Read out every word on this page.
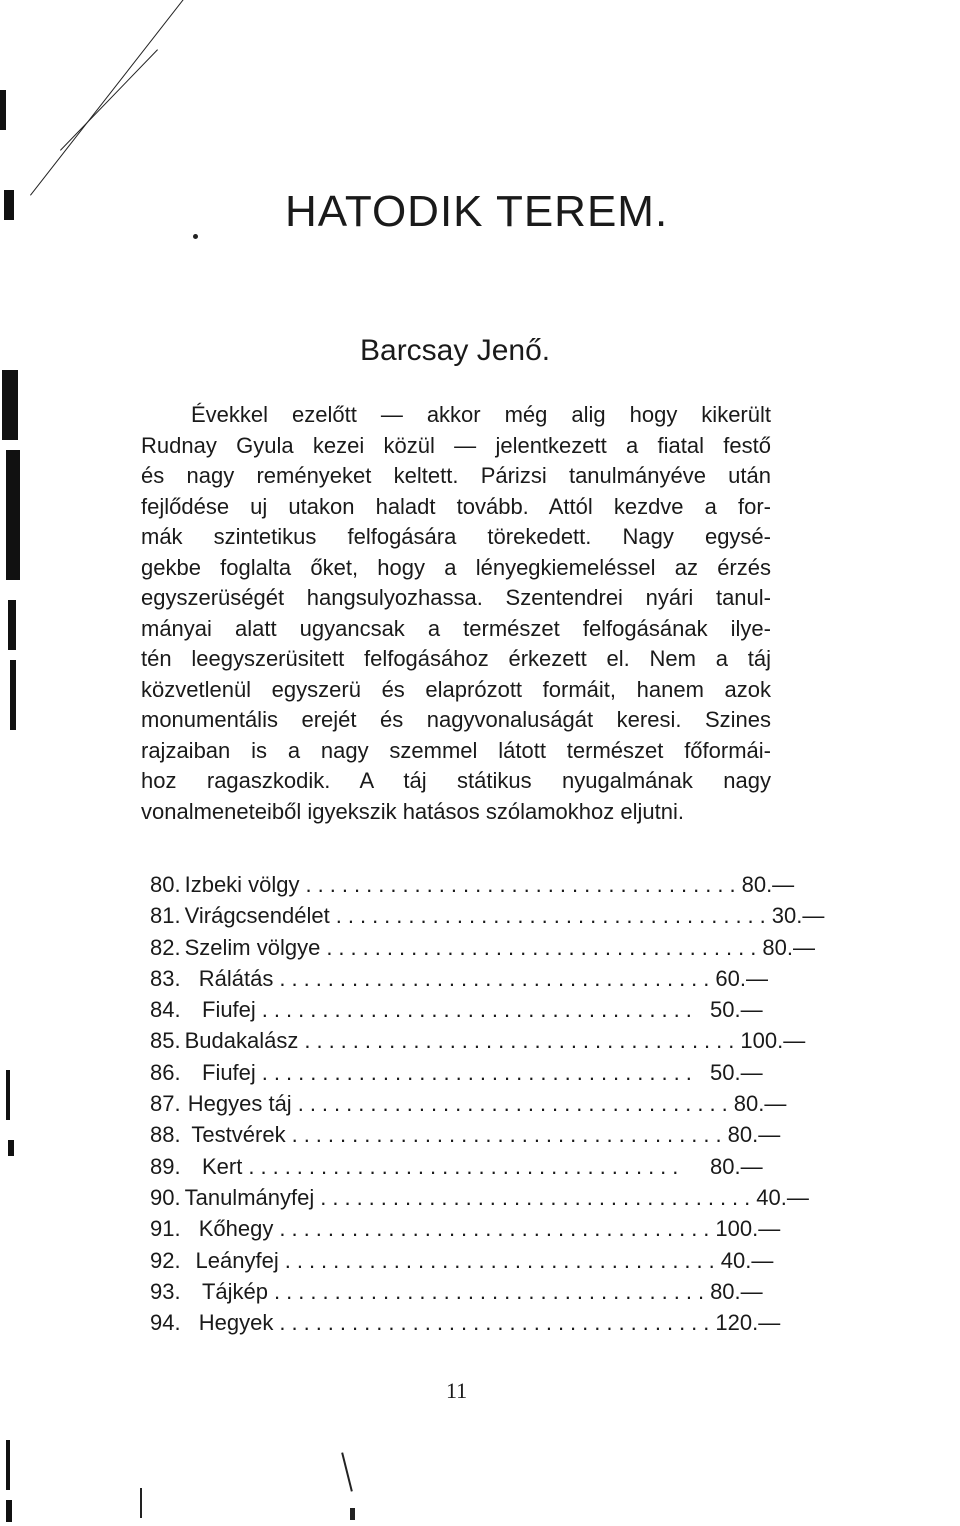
HATODIK TEREM.
Barcsay Jenő.
Évekkel ezelőtt — akkor még alig hogy kikerült
Rudnay Gyula kezei közül — jelentkezett a fiatal festő
és nagy reményeket keltett. Párizsi tanulmányéve után
fejlődése uj utakon haladt tovább. Attól kezdve a for-
mák szintetikus felfogására törekedett. Nagy egysé-
gekbe foglalta őket, hogy a lényegkiemeléssel az érzés
egyszerüségét hangsulyozhassa. Szentendrei nyári tanul-
mányai alatt ugyancsak a természet felfogásának ilye-
tén leegyszerüsitett felfogásához érkezett el. Nem a táj
közvetlenül egyszerü és elaprózott formáit, hanem azok
monumentális erejét és nagyvonaluságát keresi. Szines
rajzaiban is a nagy szemmel látott természet főformái-
hoz ragaszkodik. A táj státikus nyugalmának nagy
vonalmeneteiből igyekszik hatásos szólamokhoz eljutni.
80. Izbeki völgy .................................... 80.—
81. Virágcsendélet .................................... 30.—
82. Szelim völgye .................................... 80.—
83. Rálátás .................................... 60.—
84. Fiufej .................................... 50.—
85. Budakalász .................................... 100.—
86. Fiufej .................................... 50.—
87. Hegyes táj .................................... 80.—
88. Testvérek .................................... 80.—
89. Kert ....................................	80.—
90. Tanulmányfej .................................... 40.—
91. Kőhegy .................................... 100.—
92. Leányfej .................................... 40.—
93. Tájkép .................................... 80.—
94. Hegyek .................................... 120.—
11
